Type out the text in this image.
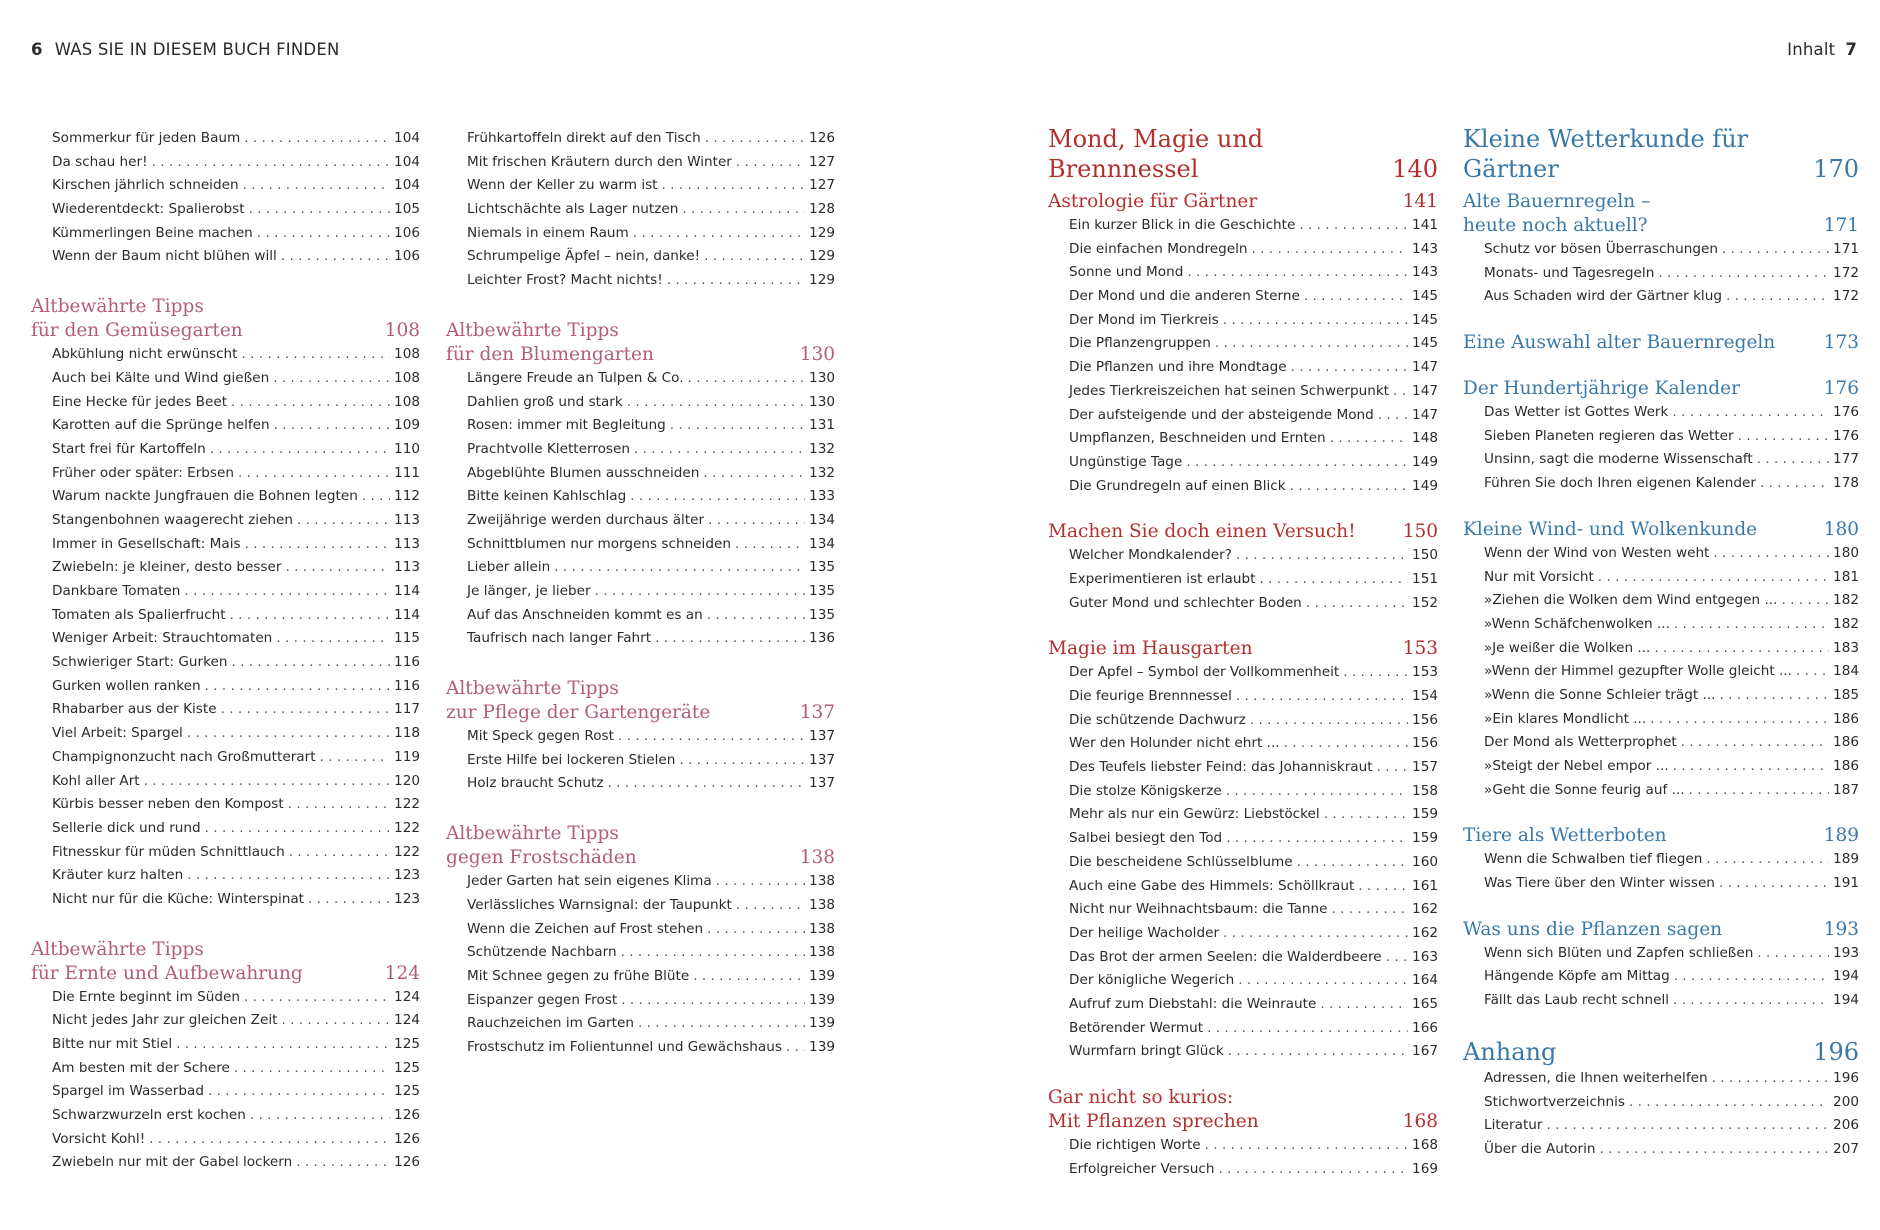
6 WAS SIE IN DIESEM BUCH FINDEN
Sommerkur für jeden Baum . . .	104
Da schau her! . . .	104
Kirschen jährlich schneiden . . .	104
Wiederentdeckt: Spalierobst . . .	105
Kümmerlingen Beine machen . . .	106
Wenn der Baum nicht blühen will . . .	106
Altbewährte Tipps
für den Gemüsegarten	108
Abkühlung nicht erwünscht . . .	108
Auch bei Kälte und Wind gießen . . .	108
Eine Hecke für jedes Beet . . .	108
Karotten auf die Sprünge helfen . . .	109
Start frei für Kartoffeln . . .	110
Früher oder später: Erbsen . . .	111
Warum nackte Jungfrauen die Bohnen legten . . .	112
Stangenbohnen waagerecht ziehen . . .	113
Immer in Gesellschaft: Mais . . .	113
Zwiebeln: je kleiner, desto besser . . .	113
Dankbare Tomaten . . .	114
Tomaten als Spalierfrucht . . .	114
Weniger Arbeit: Strauchtomaten . . .	115
Schwieriger Start: Gurken . . .	116
Gurken wollen ranken . . .	116
Rhabarber aus der Kiste . . .	117
Viel Arbeit: Spargel . . .	118
Champignonzucht nach Großmutterart . . .	119
Kohl aller Art . . .	120
Kürbis besser neben den Kompost . . .	122
Sellerie dick und rund . . .	122
Fitnesskur für müden Schnittlauch . . .	122
Kräuter kurz halten . . .	123
Nicht nur für die Küche: Winterspinat . . .	123
Altbewährte Tipps
für Ernte und Aufbewahrung	124
Die Ernte beginnt im Süden . . .	124
Nicht jedes Jahr zur gleichen Zeit . . .	124
Bitte nur mit Stiel . . .	125
Am besten mit der Schere . . .	125
Spargel im Wasserbad . . .	125
Schwarzwurzeln erst kochen . . .	126
Vorsicht Kohl! . . .	126
Zwiebeln nur mit der Gabel lockern . . .	126
Frühkartoffeln direkt auf den Tisch . . .	126
Mit frischen Kräutern durch den Winter . . .	127
Wenn der Keller zu warm ist . . .	127
Lichtschächte als Lager nutzen . . .	128
Niemals in einem Raum . . .	129
Schrumpelige Äpfel – nein, danke! . . .	129
Leichter Frost? Macht nichts! . . .	129
Altbewährte Tipps
für den Blumengarten	130
Längere Freude an Tulpen & Co. . . .	130
Dahlien groß und stark . . .	130
Rosen: immer mit Begleitung . . .	131
Prachtvolle Kletterrosen . . .	132
Abgeblühte Blumen ausschneiden . . .	132
Bitte keinen Kahlschlag . . .	133
Zweijährige werden durchaus älter . . .	134
Schnittblumen nur morgens schneiden . . .	134
Lieber allein . . .	135
Je länger, je lieber . . .	135
Auf das Anschneiden kommt es an . . .	135
Taufrisch nach langer Fahrt . . .	136
Altbewährte Tipps
zur Pflege der Gartengeräte	137
Mit Speck gegen Rost . . .	137
Erste Hilfe bei lockeren Stielen . . .	137
Holz braucht Schutz . . .	137
Altbewährte Tipps
gegen Frostschäden	138
Jeder Garten hat sein eigenes Klima . . .	138
Verlässliches Warnsignal: der Taupunkt . . .	138
Wenn die Zeichen auf Frost stehen . . .	138
Schützende Nachbarn . . .	138
Mit Schnee gegen zu frühe Blüte . . .	139
Eispanzer gegen Frost . . .	139
Rauchzeichen im Garten . . .	139
Frostschutz im Folientunnel und Gewächshaus . . . 139
Inhalt 7
Mond, Magie und Brennnessel	140
Astrologie für Gärtner	141
Ein kurzer Blick in die Geschichte . . .	141
Die einfachen Mondregeln . . .	143
Sonne und Mond . . .	143
Der Mond und die anderen Sterne . . .	145
Der Mond im Tierkreis . . .	145
Die Pflanzengruppen . . .	145
Die Pflanzen und ihre Mondtage . . .	147
Jedes Tierkreiszeichen hat seinen Schwerpunkt . . . 147
Der aufsteigende und der absteigende Mond . . .	147
Umpflanzen, Beschneiden und Ernten . . .	148
Ungünstige Tage . . .	149
Die Grundregeln auf einen Blick . . .	149
Machen Sie doch einen Versuch!	150
Welcher Mondkalender? . . .	150
Experimentieren ist erlaubt . . .	151
Guter Mond und schlechter Boden . . .	152
Magie im Hausgarten	153
Der Apfel – Symbol der Vollkommenheit . . .	153
Die feurige Brennnessel . . .	154
Die schützende Dachwurz . . .	156
Wer den Holunder nicht ehrt ... . . .	156
Des Teufels liebster Feind: das Johanniskraut . . .	157
Die stolze Königskerze . . .	158
Mehr als nur ein Gewürz: Liebstöckel . . .	159
Salbei besiegt den Tod . . .	159
Die bescheidene Schlüsselblume . . .	160
Auch eine Gabe des Himmels: Schöllkraut . . .	161
Nicht nur Weihnachtsbaum: die Tanne . . .	162
Der heilige Wacholder . . .	162
Das Brot der armen Seelen: die Walderdbeere . . . 163
Der königliche Wegerich . . .	164
Aufruf zum Diebstahl: die Weinraute . . .	165
Betörender Wermut . . .	166
Wurmfarn bringt Glück . . .	167
Gar nicht so kurios:
Mit Pflanzen sprechen	168
Die richtigen Worte . . .	168
Erfolgreicher Versuch . . .	169
Kleine Wetterkunde für Gärtner	170
Alte Bauernregeln –
heute noch aktuell?	171
Schutz vor bösen Überraschungen . . .	171
Monats- und Tagesregeln . . .	172
Aus Schaden wird der Gärtner klug . . .	172
Eine Auswahl alter Bauernregeln	173
Der Hundertjährige Kalender	176
Das Wetter ist Gottes Werk . . .	176
Sieben Planeten regieren das Wetter . . .	176
Unsinn, sagt die moderne Wissenschaft . . .	177
Führen Sie doch Ihren eigenen Kalender . . .	178
Kleine Wind- und Wolkenkunde	180
Wenn der Wind von Westen weht . . .	180
Nur mit Vorsicht . . .	181
»Ziehen die Wolken dem Wind entgegen ... . . .	182
»Wenn Schäfchenwolken ... . . .	182
»Je weißer die Wolken ... . . .	183
»Wenn der Himmel gezupfter Wolle gleicht ... . . .	184
»Wenn die Sonne Schleier trägt ... . . .	185
»Ein klares Mondlicht ... . . .	186
Der Mond als Wetterprophet . . .	186
»Steigt der Nebel empor ... . . .	186
»Geht die Sonne feurig auf ... . . .	187
Tiere als Wetterboten	189
Wenn die Schwalben tief fliegen . . .	189
Was Tiere über den Winter wissen . . .	191
Was uns die Pflanzen sagen	193
Wenn sich Blüten und Zapfen schließen . . .	193
Hängende Köpfe am Mittag . . .	194
Fällt das Laub recht schnell . . .	194
Anhang	196
Adressen, die Ihnen weiterhelfen . . .	196
Stichwortverzeichnis . . .	200
Literatur . . .	206
Über die Autorin . . .	207
